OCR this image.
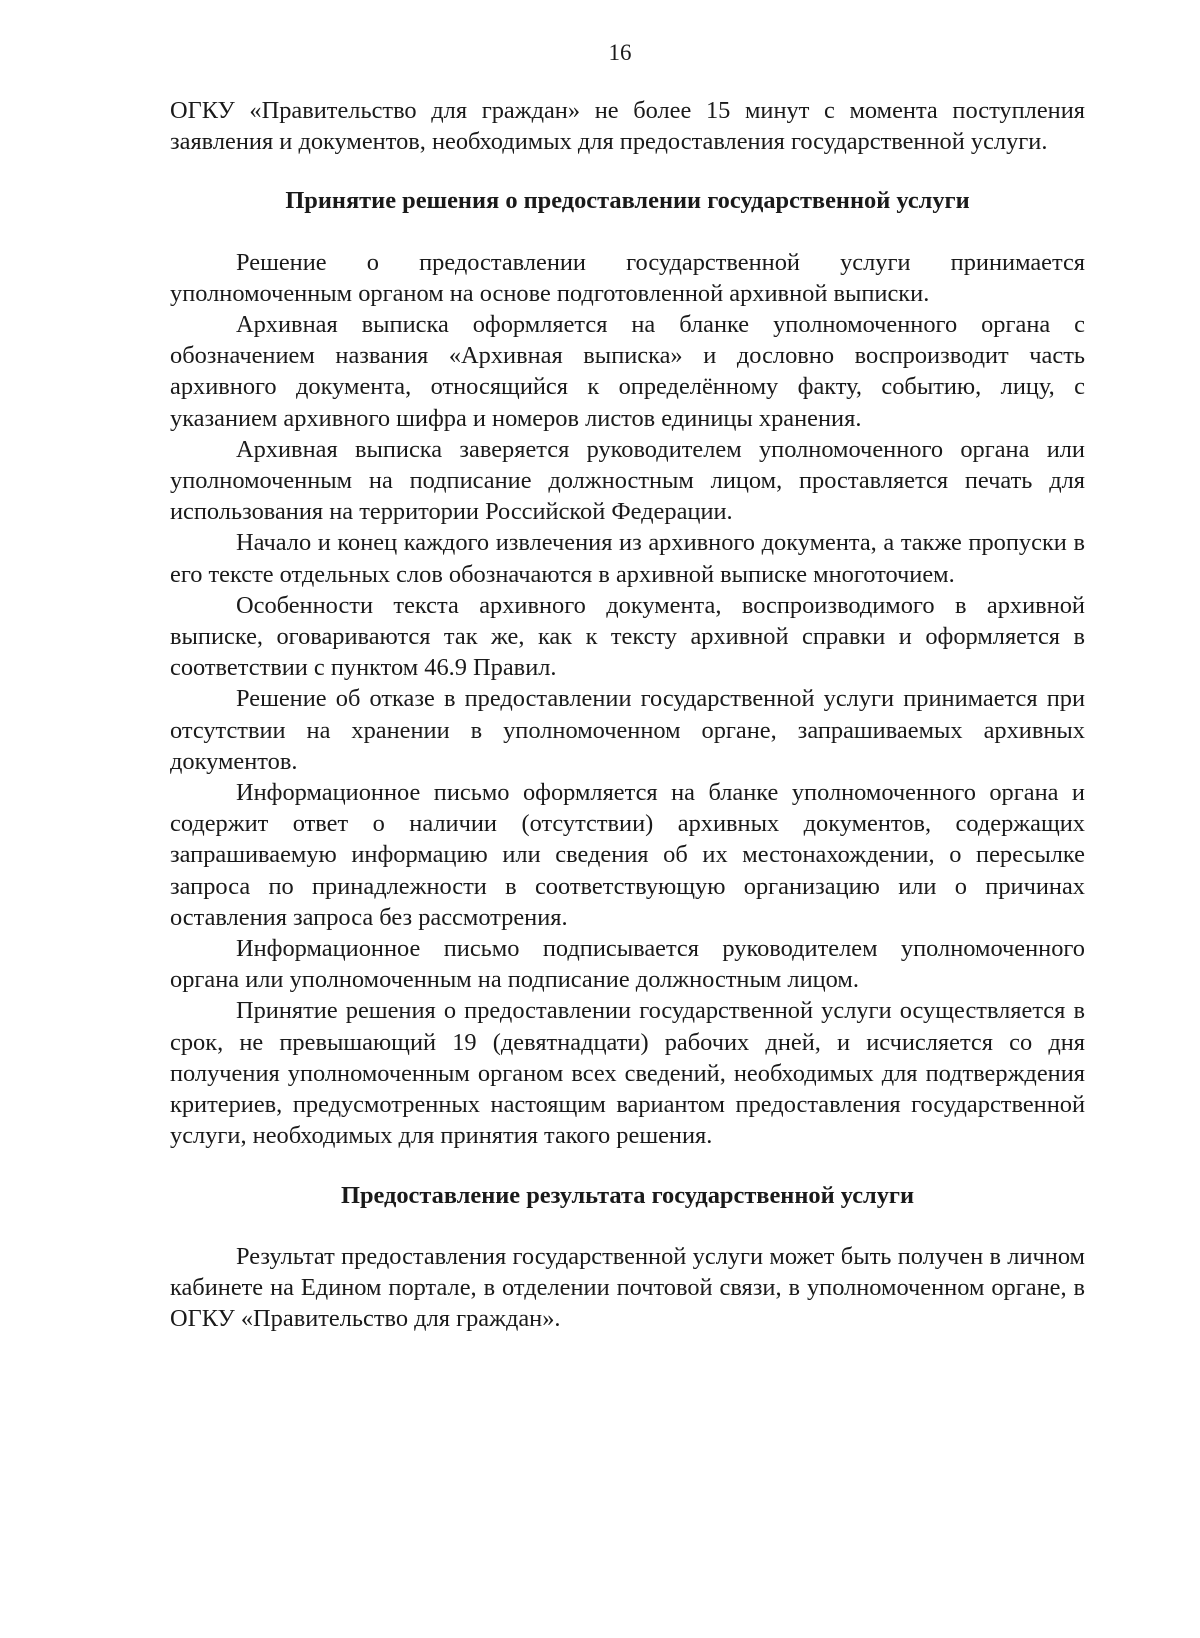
16

ОГКУ «Правительство для граждан» не более 15 минут с момента поступления заявления и документов, необходимых для предоставления государственной услуги.

Принятие решения о предоставлении государственной услуги

Решение о предоставлении государственной услуги принимается уполномоченным органом на основе подготовленной архивной выписки.

Архивная выписка оформляется на бланке уполномоченного органа с обозначением названия «Архивная выписка» и дословно воспроизводит часть архивного документа, относящийся к определённому факту, событию, лицу, с указанием архивного шифра и номеров листов единицы хранения.

Архивная выписка заверяется руководителем уполномоченного органа или уполномоченным на подписание должностным лицом, проставляется печать для использования на территории Российской Федерации.

Начало и конец каждого извлечения из архивного документа, а также пропуски в его тексте отдельных слов обозначаются в архивной выписке многоточием.

Особенности текста архивного документа, воспроизводимого в архивной выписке, оговариваются так же, как к тексту архивной справки и оформляется в соответствии с пунктом 46.9 Правил.

Решение об отказе в предоставлении государственной услуги принимается при отсутствии на хранении в уполномоченном органе, запрашиваемых архивных документов.

Информационное письмо оформляется на бланке уполномоченного органа и содержит ответ о наличии (отсутствии) архивных документов, содержащих запрашиваемую информацию или сведения об их местонахождении, о пересылке запроса по принадлежности в соответствующую организацию или о причинах оставления запроса без рассмотрения.

Информационное письмо подписывается руководителем уполномоченного органа или уполномоченным на подписание должностным лицом.

Принятие решения о предоставлении государственной услуги осуществляется в срок, не превышающий 19 (девятнадцати) рабочих дней, и исчисляется со дня получения уполномоченным органом всех сведений, необходимых для подтверждения критериев, предусмотренных настоящим вариантом предоставления государственной услуги, необходимых для принятия такого решения.

Предоставление результата государственной услуги

Результат предоставления государственной услуги может быть получен в личном кабинете на Едином портале, в отделении почтовой связи, в уполномоченном органе, в ОГКУ «Правительство для граждан».
